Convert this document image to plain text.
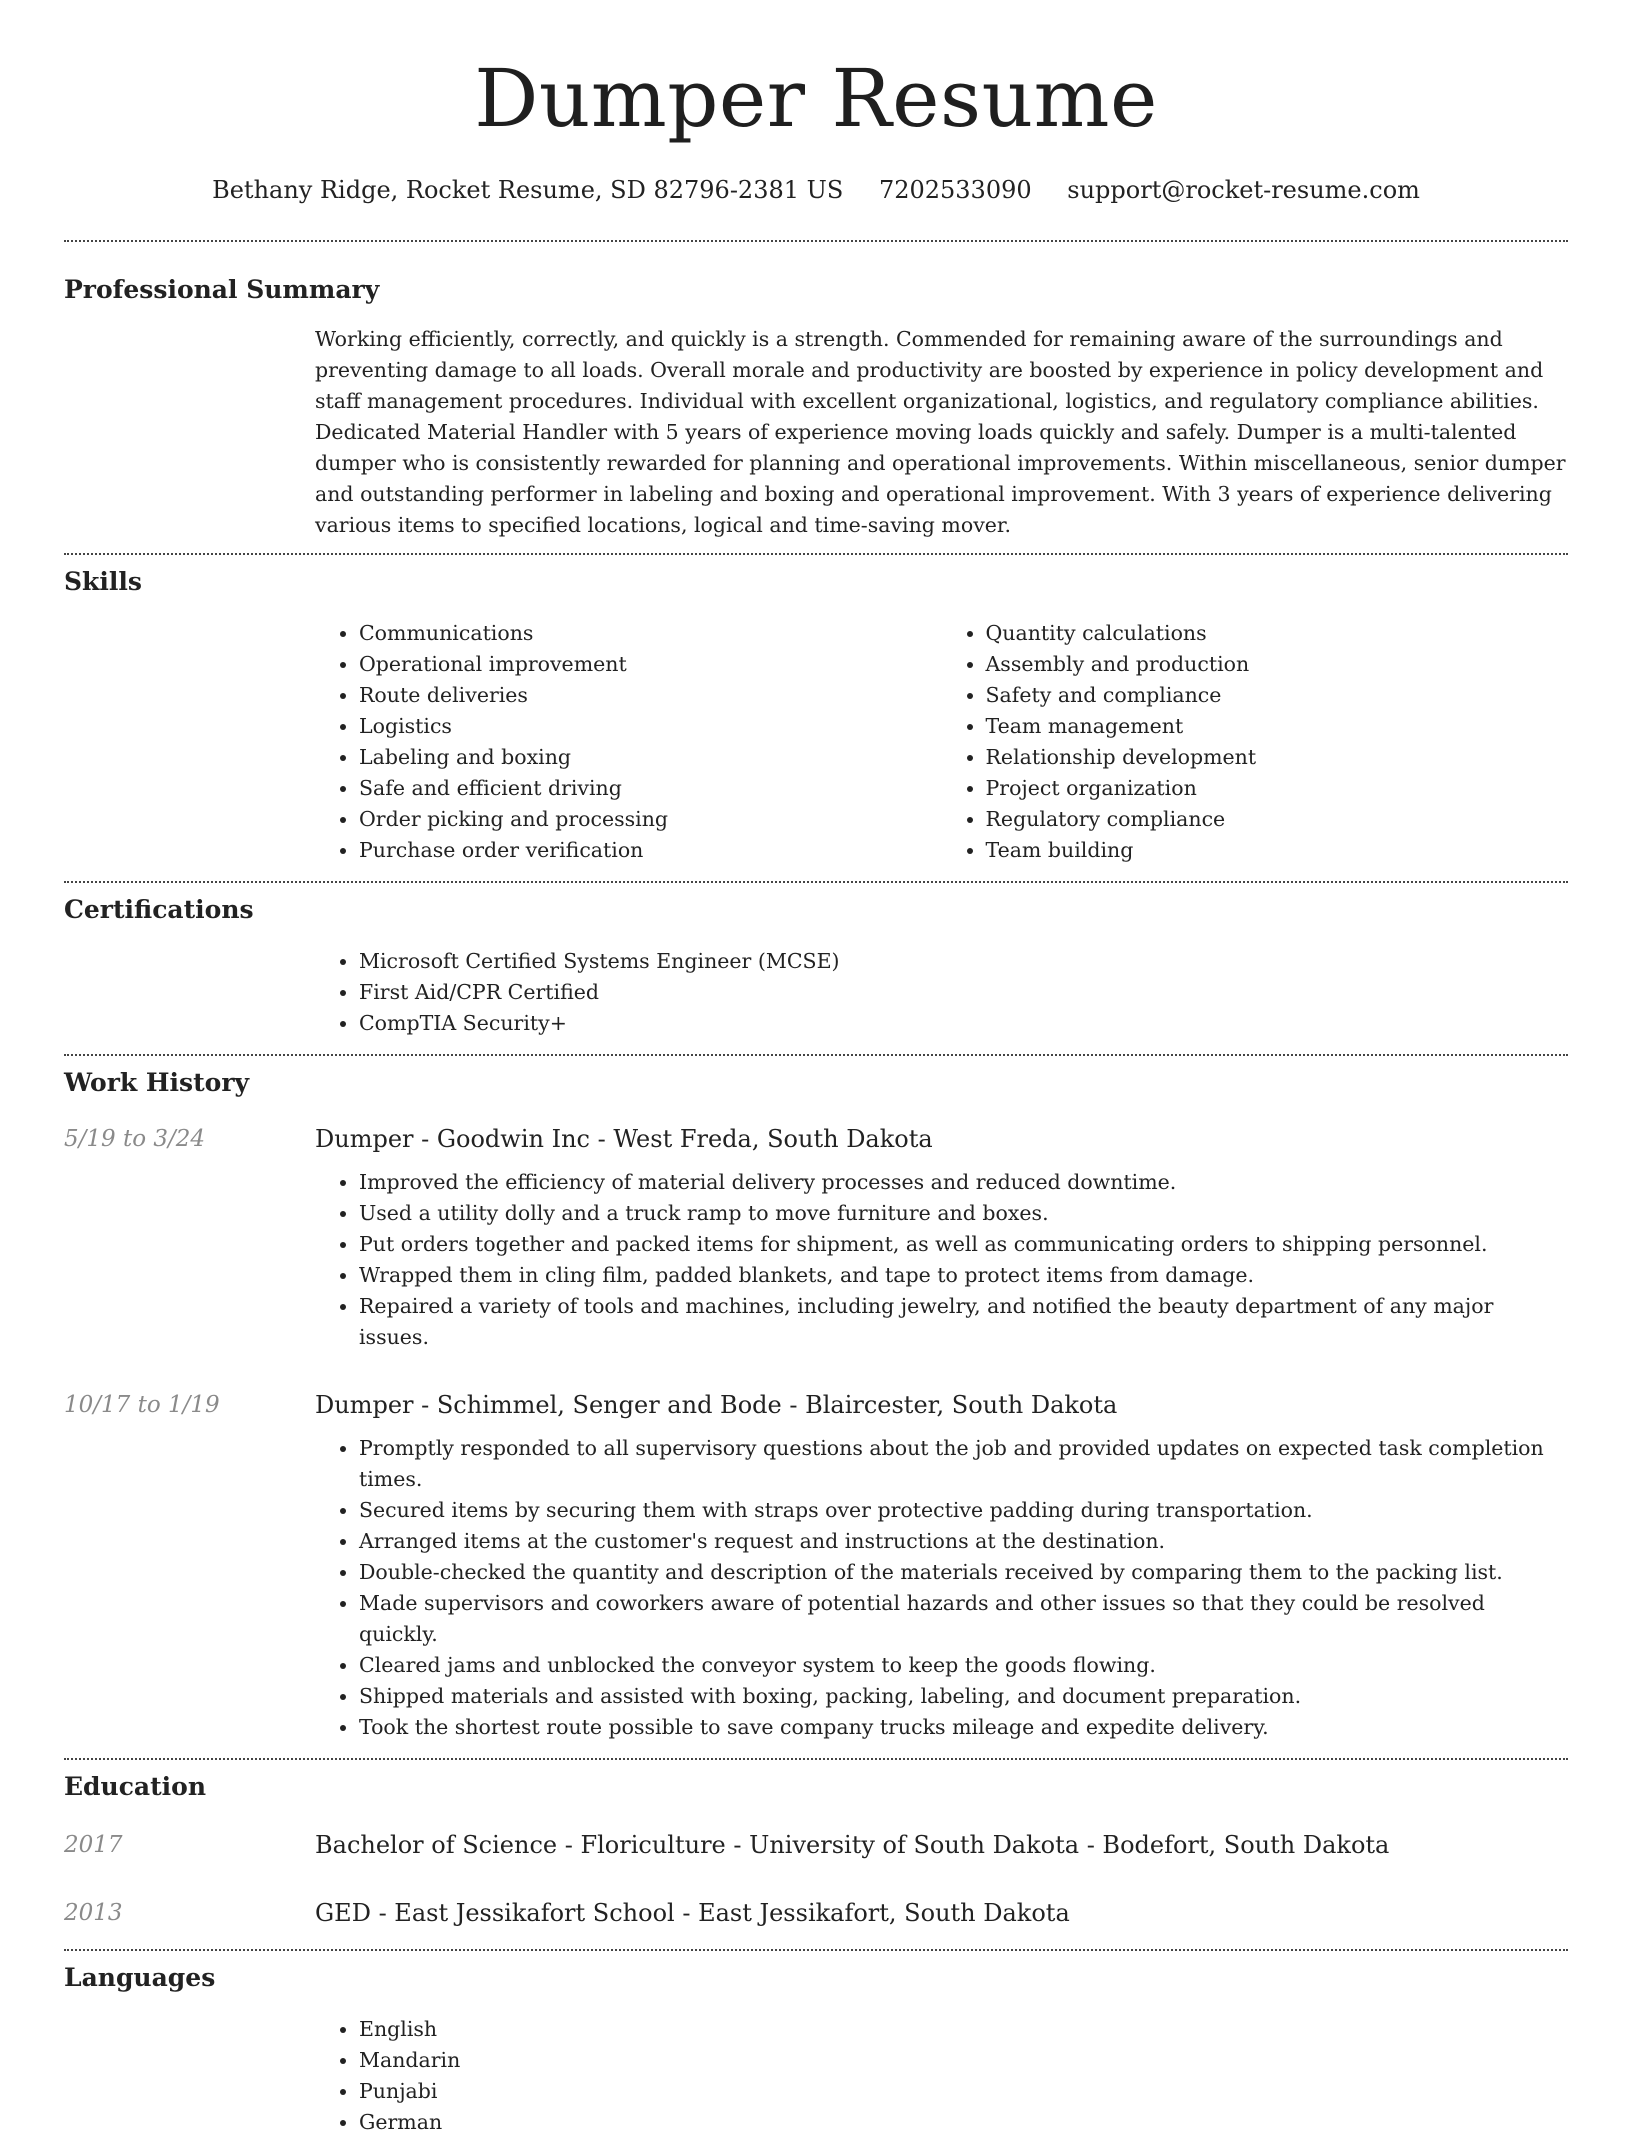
Dumper Resume
Bethany Ridge, Rocket Resume, SD 82796-2381 US 7202533090 support@rocket-resume.com
Professional Summary

Working efficiently, correctly, and quickly is a strength. Commended for remaining aware of the surroundings and preventing damage to all loads. Overall morale and productivity are boosted by experience in policy development and staff management procedures. Individual with excellent organizational, logistics, and regulatory compliance abilities. Dedicated Material Handler with 5 years of experience moving loads quickly and safely. Dumper is a multi-talented dumper who is consistently rewarded for planning and operational improvements. Within miscellaneous, senior dumper and outstanding performer in labeling and boxing and operational improvement. With 3 years of experience delivering various items to specified locations, logical and time-saving mover.

Skills
• Communications
• Operational improvement
• Route deliveries
• Logistics
• Labeling and boxing
• Safe and efficient driving
• Order picking and processing
• Purchase order verification
• Quantity calculations
• Assembly and production
• Safety and compliance
• Team management
• Relationship development
• Project organization
• Regulatory compliance
• Team building
Certifications
• Microsoft Certified Systems Engineer (MCSE)
• First Aid/CPR Certified
• CompTIA Security+
Work History
5/19 to 3/24	Dumper - Goodwin Inc - West Freda, South Dakota
• Improved the efficiency of material delivery processes and reduced downtime.
• Used a utility dolly and a truck ramp to move furniture and boxes.
• Put orders together and packed items for shipment, as well as communicating orders to shipping personnel.
• Wrapped them in cling film, padded blankets, and tape to protect items from damage.
• Repaired a variety of tools and machines, including jewelry, and notified the beauty department of any major issues.
10/17 to 1/19	Dumper - Schimmel, Senger and Bode - Blaircester, South Dakota
• Promptly responded to all supervisory questions about the job and provided updates on expected task completion times.
• Secured items by securing them with straps over protective padding during transportation.
• Arranged items at the customer's request and instructions at the destination.
• Double-checked the quantity and description of the materials received by comparing them to the packing list.
• Made supervisors and coworkers aware of potential hazards and other issues so that they could be resolved quickly.
• Cleared jams and unblocked the conveyor system to keep the goods flowing.
• Shipped materials and assisted with boxing, packing, labeling, and document preparation.
• Took the shortest route possible to save company trucks mileage and expedite delivery.
Education
2017	Bachelor of Science - Floriculture - University of South Dakota - Bodefort, South Dakota
2013	GED - East Jessikafort School - East Jessikafort, South Dakota
Languages
• English
• Mandarin
• Punjabi
• German
